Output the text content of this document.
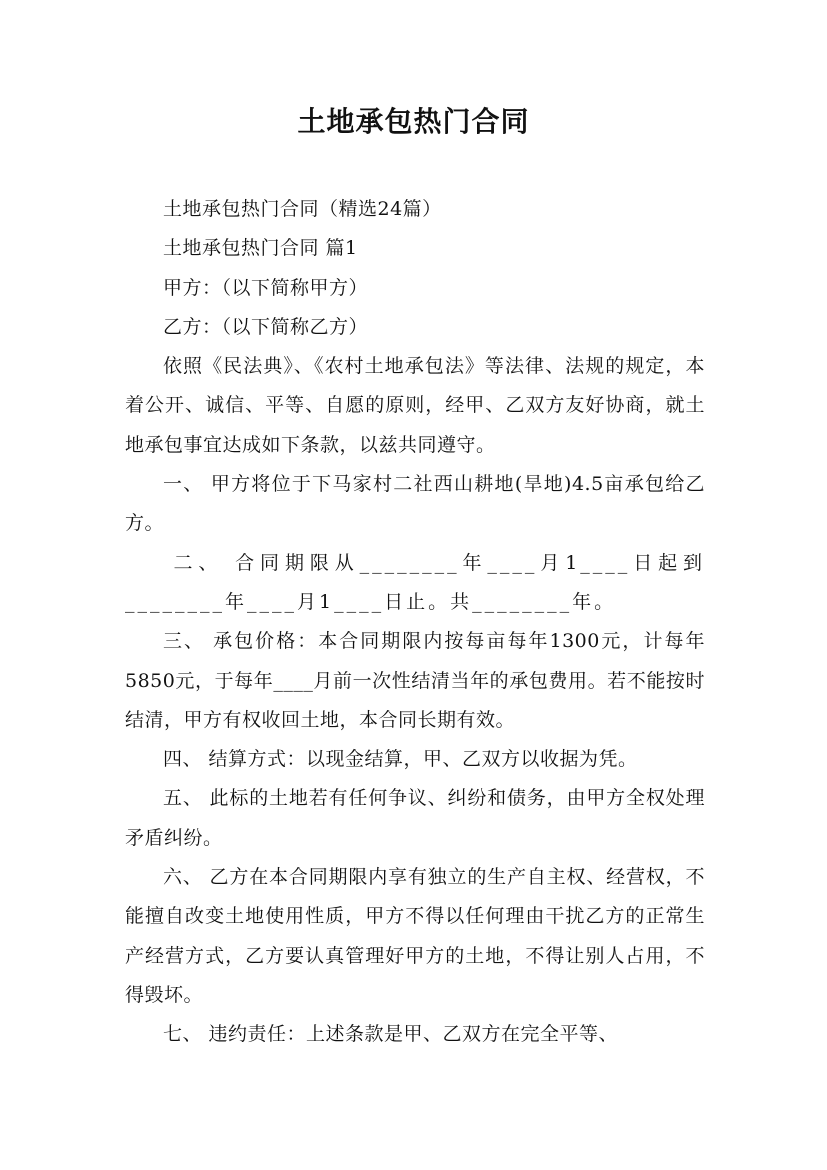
土地承包热门合同

土地承包热门合同（精选24篇）

土地承包热门合同 篇1

甲方：（以下简称甲方）

乙方：（以下简称乙方）

依照《民法典》、《农村土地承包法》等法律、法规的规定，本着公开、诚信、平等、自愿的原则，经甲、乙双方友好协商，就土地承包事宜达成如下条款，以兹共同遵守。

一、 甲方将位于下马家村二社西山耕地(旱地)4.5亩承包给乙方。

二、 合同期限从________年____月1____日起到________年____月1____日止。共________年。

三、 承包价格：本合同期限内按每亩每年1300元，计每年5850元，于每年____月前一次性结清当年的承包费用。若不能按时结清，甲方有权收回土地，本合同长期有效。

四、 结算方式：以现金结算，甲、乙双方以收据为凭。

五、 此标的土地若有任何争议、纠纷和债务，由甲方全权处理矛盾纠纷。

六、 乙方在本合同期限内享有独立的生产自主权、经营权，不能擅自改变土地使用性质，甲方不得以任何理由干扰乙方的正常生产经营方式，乙方要认真管理好甲方的土地，不得让别人占用，不得毁坏。

七、 违约责任：上述条款是甲、乙双方在完全平等、
